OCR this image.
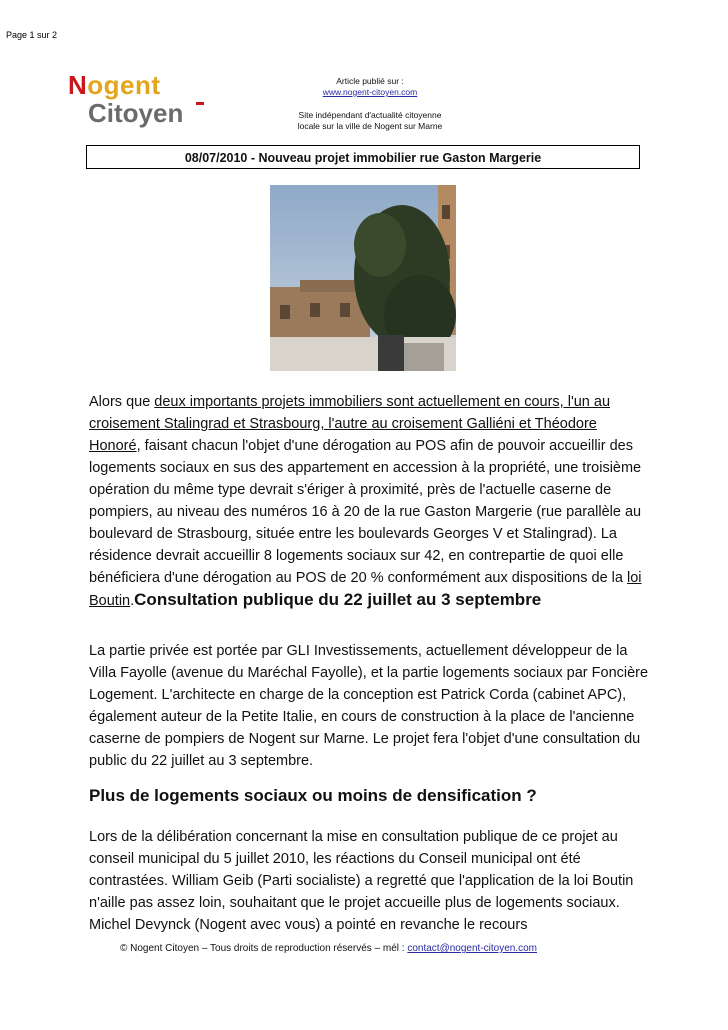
Page 1 sur 2
Nogent
Citoyen
Article publié sur :
www.nogent-citoyen.com
Site indépendant d'actualité citoyenne
locale sur la ville de Nogent sur Marne
08/07/2010 - Nouveau projet immobilier rue Gaston Margerie
Alors que deux importants projets immobiliers sont actuellement en cours, l'un au croisement Stalingrad et Strasbourg, l'autre au croisement Galliéni et Théodore Honoré, faisant chacun l'objet d'une dérogation au POS afin de pouvoir accueillir des logements sociaux en sus des appartement en accession à la propriété, une troisième opération du même type devrait s'ériger à proximité, près de l'actuelle caserne de pompiers, au niveau des numéros 16 à 20 de la rue Gaston Margerie (rue parallèle au boulevard de Strasbourg, située entre les boulevards Georges V et Stalingrad). La résidence devrait accueillir 8 logements sociaux sur 42, en contrepartie de quoi elle bénéficiera d'une dérogation au POS de 20 % conformément aux dispositions de la loi Boutin.Consultation publique du 22 juillet au 3 septembre
La partie privée est portée par GLI Investissements, actuellement développeur de la Villa Fayolle (avenue du Maréchal Fayolle), et la partie logements sociaux par Foncière Logement. L'architecte en charge de la conception est Patrick Corda (cabinet APC), également auteur de la Petite Italie, en cours de construction à la place de l'ancienne caserne de pompiers de Nogent sur Marne. Le projet fera l'objet d'une consultation du public du 22 juillet au 3 septembre.
Plus de logements sociaux ou moins de densification ?
Lors de la délibération concernant la mise en consultation publique de ce projet au conseil municipal du 5 juillet 2010, les réactions du Conseil municipal ont été contrastées. William Geib (Parti socialiste) a regretté que l'application de la loi Boutin n'aille pas assez loin, souhaitant que le projet accueille plus de logements sociaux. Michel Devynck (Nogent avec vous) a pointé en revanche le recours
© Nogent Citoyen – Tous droits de reproduction réservés – mél : contact@nogent-citoyen.com
